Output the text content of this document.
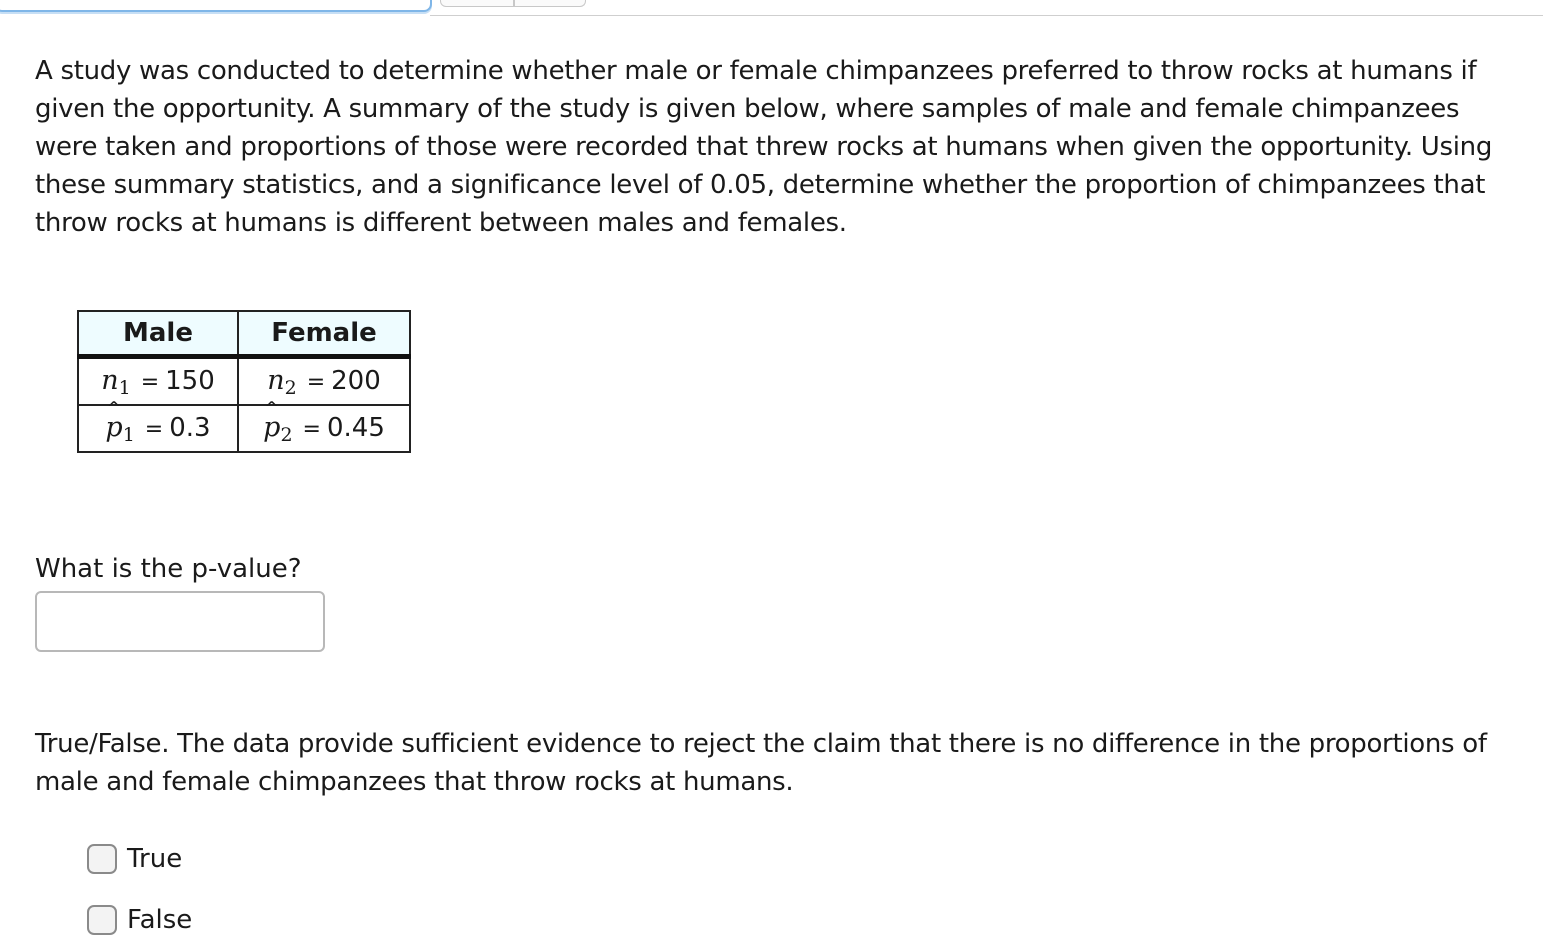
A study was conducted to determine whether male or female chimpanzees preferred to throw rocks at humans if given the opportunity. A summary of the study is given below, where samples of male and female chimpanzees were taken and proportions of those were recorded that threw rocks at humans when given the opportunity. Using these summary statistics, and a significance level of 0.05, determine whether the proportion of chimpanzees that throw rocks at humans is different between males and females.
Male	Female
$n_1 = 150$	$n_2 = 200$
^ $p_1 = 0.3$	^ $p_2 = 0.45$
What is the p-value?
True/False. The data provide sufficient evidence to reject the claim that there is no difference in the proportions of male and female chimpanzees that throw rocks at humans.
True
False
